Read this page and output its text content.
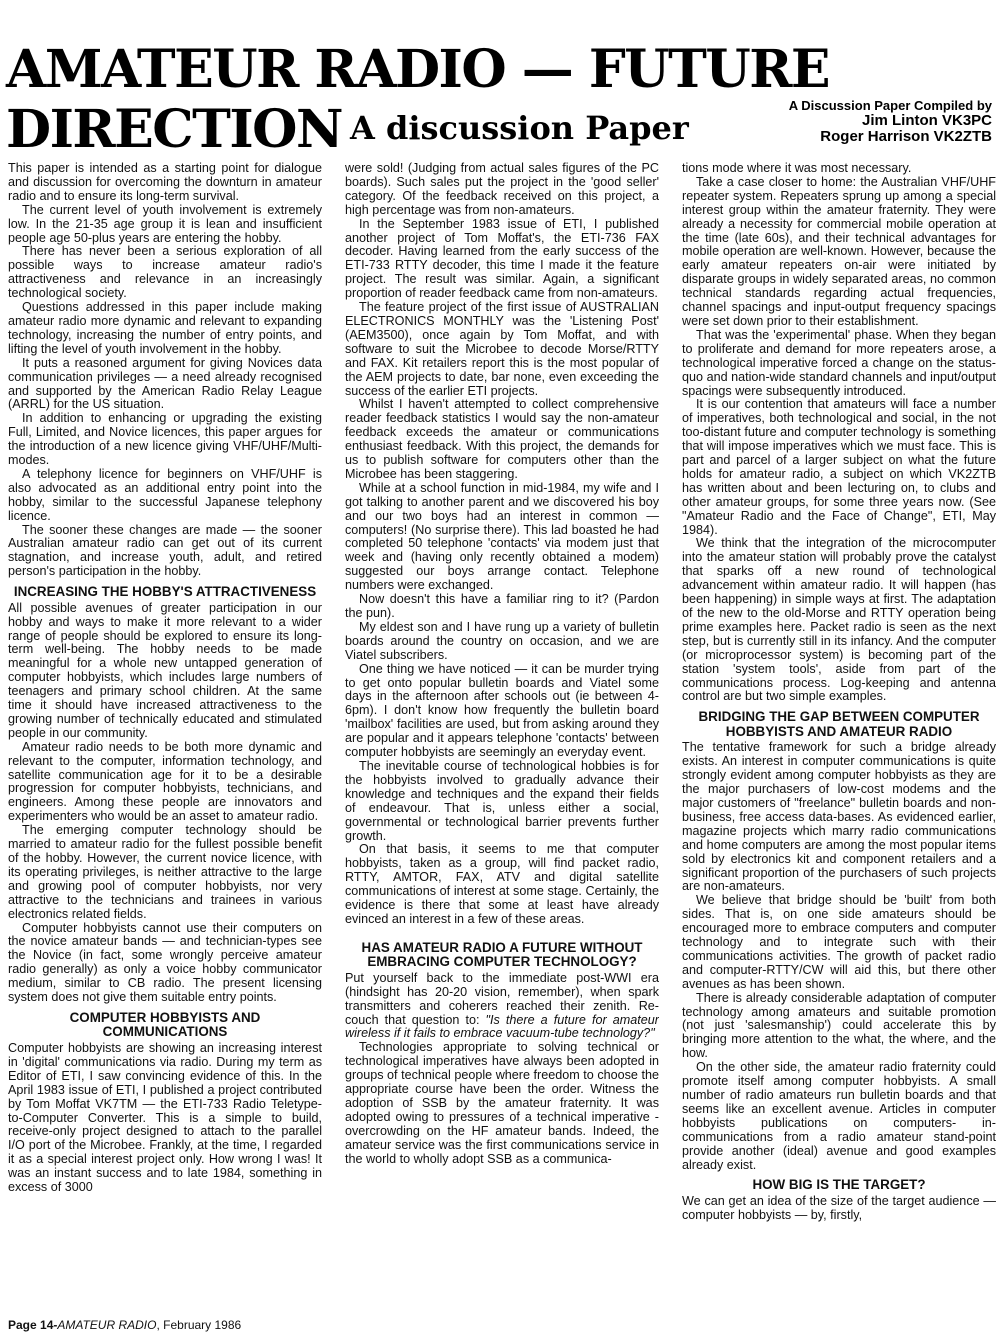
AMATEUR RADIO — FUTURE
DIRECTION A discussion Paper
A Discussion Paper Compiled by
Jim Linton VK3PC
Roger Harrison VK2ZTB

This paper is intended as a starting point for dialogue and discussion for overcoming the downturn in amateur radio and to ensure its long-term survival.

The current level of youth involvement is extremely low. In the 21-35 age group it is lean and insufficient people age 50-plus years are entering the hobby.

There has never been a serious exploration of all possible ways to increase amateur radio's attractiveness and relevance in an increasingly technological society.

Questions addressed in this paper include making amateur radio more dynamic and relevant to expanding technology, increasing the number of entry points, and lifting the level of youth involvement in the hobby.

It puts a reasoned argument for giving Novices data communication privileges — a need already recognised and supported by the American Radio Relay League (ARRL) for the US situation.

In addition to enhancing or upgrading the existing Full, Limited, and Novice licences, this paper argues for the introduction of a new licence giving VHF/UHF/Multi-modes.

A telephony licence for beginners on VHF/UHF is also advocated as an additional entry point into the hobby, similar to the successful Japanese telephony licence.

The sooner these changes are made — the sooner Australian amateur radio can get out of its current stagnation, and increase youth, adult, and retired person's participation in the hobby.

INCREASING THE HOBBY'S ATTRACTIVENESS

All possible avenues of greater participation in our hobby and ways to make it more relevant to a wider range of people should be explored to ensure its long-term well-being. The hobby needs to be made meaningful for a whole new untapped generation of computer hobbyists, which includes large numbers of teenagers and primary school children. At the same time it should have increased attractiveness to the growing number of technically educated and stimulated people in our community.

Amateur radio needs to be both more dynamic and relevant to the computer, information technology, and satellite communication age for it to be a desirable progression for computer hobbyists, technicians, and engineers. Among these people are innovators and experimenters who would be an asset to amateur radio.

The emerging computer technology should be married to amateur radio for the fullest possible benefit of the hobby. However, the current novice licence, with its operating privileges, is neither attractive to the large and growing pool of computer hobbyists, nor very attractive to the technicians and trainees in various electronics related fields.

Computer hobbyists cannot use their computers on the novice amateur bands — and technician-types see the Novice (in fact, some wrongly perceive amateur radio generally) as only a voice hobby communicator medium, similar to CB radio. The present licensing system does not give them suitable entry points.

COMPUTER HOBBYISTS AND COMMUNICATIONS

Computer hobbyists are showing an increasing interest in 'digital' communications via radio. During my term as Editor of ETI, I saw convincing evidence of this. In the April 1983 issue of ETI, I published a project contributed by Tom Moffat VK7TM — the ETI-733 Radio Teletype-to-Computer Converter. This is a simple to build, receive-only project designed to attach to the parallel I/O port of the Microbee. Frankly, at the time, I regarded it as a special interest project only. How wrong I was! It was an instant success and to late 1984, something in excess of 3000

were sold! (Judging from actual sales figures of the PC boards). Such sales put the project in the 'good seller' category. Of the feedback received on this project, a high percentage was from non-amateurs.

In the September 1983 issue of ETI, I published another project of Tom Moffat's, the ETI-736 FAX decoder. Having learned from the early success of the ETI-733 RTTY decoder, this time I made it the feature project. The result was similar. Again, a significant proportion of reader feedback came from non-amateurs.

The feature project of the first issue of AUSTRALIAN ELECTRONICS MONTHLY was the 'Listening Post' (AEM3500), once again by Tom Moffat, and with software to suit the Microbee to decode Morse/RTTY and FAX. Kit retailers report this is the most popular of the AEM projects to date, bar none, even exceeding the success of the earlier ETI projects.

Whilst I haven't attempted to collect comprehensive reader feedback statistics I would say the non-amateur feedback exceeds the amateur or communications enthusiast feedback. With this project, the demands for us to publish software for computers other than the Microbee has been staggering.

While at a school function in mid-1984, my wife and I got talking to another parent and we discovered his boy and our two boys had an interest in common — computers! (No surprise there). This lad boasted he had completed 50 telephone 'contacts' via modem just that week and (having only recently obtained a modem) suggested our boys arrange contact. Telephone numbers were exchanged.

Now doesn't this have a familiar ring to it? (Pardon the pun).

My eldest son and I have rung up a variety of bulletin boards around the country on occasion, and we are Viatel subscribers.

One thing we have noticed — it can be murder trying to get onto popular bulletin boards and Viatel some days in the afternoon after schools out (ie between 4-6pm). I don't know how frequently the bulletin board 'mailbox' facilities are used, but from asking around they are popular and it appears telephone 'contacts' between computer hobbyists are seemingly an everyday event.

The inevitable course of technological hobbies is for the hobbyists involved to gradually advance their knowledge and techniques and the expand their fields of endeavour. That is, unless either a social, governmental or technological barrier prevents further growth.

On that basis, it seems to me that computer hobbyists, taken as a group, will find packet radio, RTTY, AMTOR, FAX, ATV and digital satellite communications of interest at some stage. Certainly, the evidence is there that some at least have already evinced an interest in a few of these areas.

HAS AMATEUR RADIO A FUTURE WITHOUT EMBRACING COMPUTER TECHNOLOGY?

Put yourself back to the immediate post-WWI era (hindsight has 20-20 vision, remember), when spark transmitters and coherers reached their zenith. Re-couch that question to: "Is there a future for amateur wireless if it fails to embrace vacuum-tube technology?"

Technologies appropriate to solving technical or technological imperatives have always been adopted in groups of technical people where freedom to choose the appropriate course have been the order. Witness the adoption of SSB by the amateur fraternity. It was adopted owing to pressures of a technical imperative - overcrowding on the HF amateur bands. Indeed, the amateur service was the first communications service in the world to wholly adopt SSB as a communica-

tions mode where it was most necessary.

Take a case closer to home: the Australian VHF/UHF repeater system. Repeaters sprung up among a special interest group within the amateur fraternity. They were already a necessity for commercial mobile operation at the time (late 60s), and their technical advantages for mobile operation are well-known. However, because the early amateur repeaters on-air were initiated by disparate groups in widely separated areas, no common technical standards regarding actual frequencies, channel spacings and input-output frequency spacings were set down prior to their establishment.

That was the 'experimental' phase. When they began to proliferate and demand for more repeaters arose, a technological imperative forced a change on the status-quo and nation-wide standard channels and input/output spacings were subsequently introduced.

It is our contention that amateurs will face a number of imperatives, both technological and social, in the not too-distant future and computer technology is something that will impose imperatives which we must face. This is part and parcel of a larger subject on what the future holds for amateur radio, a subject on which VK2ZTB has written about and been lecturing on, to clubs and other amateur groups, for some three years now. (See "Amateur Radio and the Face of Change", ETI, May 1984).

We think that the integration of the microcomputer into the amateur station will probably prove the catalyst that sparks off a new round of technological advancement within amateur radio. It will happen (has been happening) in simple ways at first. The adaptation of the new to the old-Morse and RTTY operation being prime examples here. Packet radio is seen as the next step, but is currently still in its infancy. And the computer (or microprocessor system) is becoming part of the station 'system tools', aside from part of the communications process. Log-keeping and antenna control are but two simple examples.

BRIDGING THE GAP BETWEEN COMPUTER HOBBYISTS AND AMATEUR RADIO

The tentative framework for such a bridge already exists. An interest in computer communications is quite strongly evident among computer hobbyists as they are the major purchasers of low-cost modems and the major customers of "freelance" bulletin boards and non-business, free access data-bases. As evidenced earlier, magazine projects which marry radio communications and home computers are among the most popular items sold by electronics kit and component retailers and a significant proportion of the purchasers of such projects are non-amateurs.

We believe that bridge should be 'built' from both sides. That is, on one side amateurs should be encouraged more to embrace computers and computer technology and to integrate such with their communications activities. The growth of packet radio and computer-RTTY/CW will aid this, but there other avenues as has been shown.

There is already considerable adaptation of computer technology among amateurs and suitable promotion (not just 'salesmanship') could accelerate this by bringing more attention to the what, the where, and the how.

On the other side, the amateur radio fraternity could promote itself among computer hobbyists. A small number of radio amateurs run bulletin boards and that seems like an excellent avenue. Articles in computer hobbyists publications on computers- in-communications from a radio amateur stand-point provide another (ideal) avenue and good examples already exist.

HOW BIG IS THE TARGET?

We can get an idea of the size of the target audience — computer hobbyists — by, firstly,

Page 14-AMATEUR RADIO, February 1986
